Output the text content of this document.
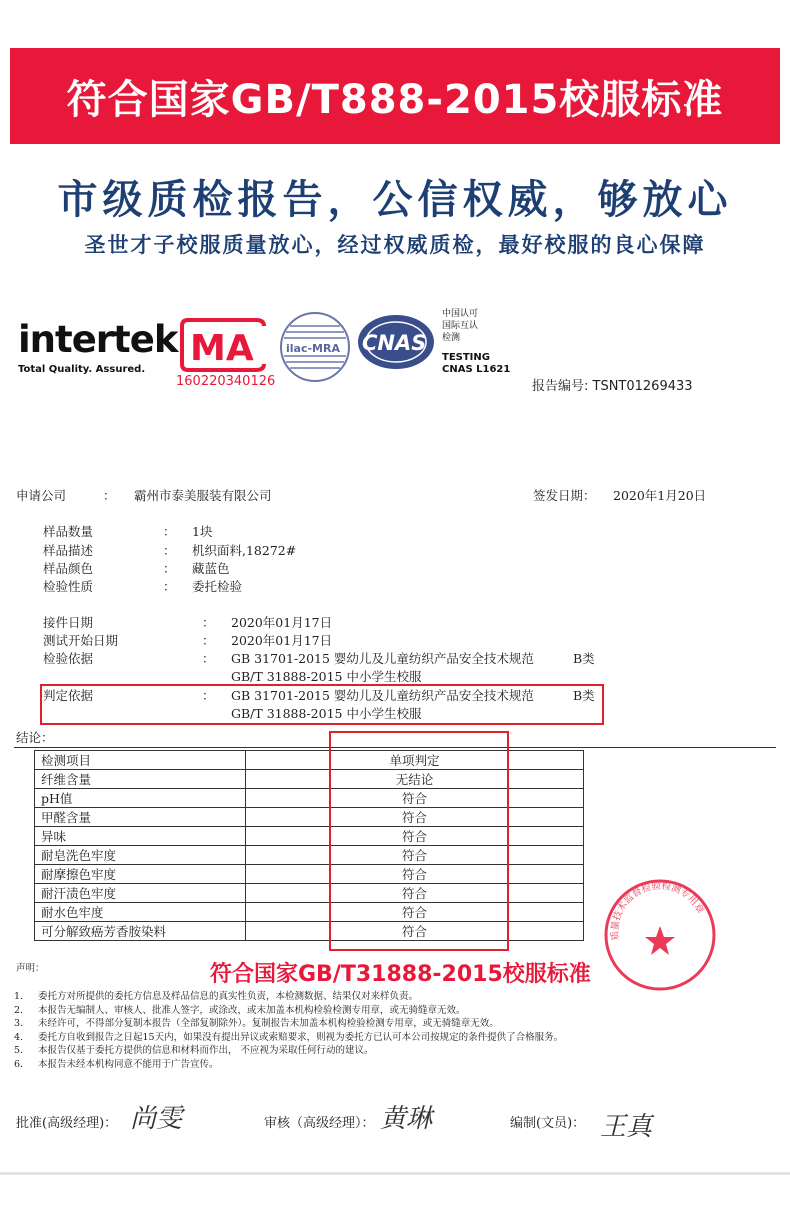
符合国家GB/T888-2015校服标准
市级质检报告，公信权威，够放心
圣世才子校服质量放心，经过权威质检，最好校服的良心保障
intertek
Total Quality. Assured.
MA
160220340126
ilac-MRA CNAS
中国认可
国际互认
检测
TESTING
CNAS L1621
报告编号: TSNT01269433
申请公司	： 霸州市泰美服装有限公司	签发日期： 2020年1月20日
样品数量	： 1块
样品描述	： 机织面料,18272#
样品颜色	： 藏蓝色
检验性质	： 委托检验
接件日期	： 2020年01月17日
测试开始日期	： 2020年01月17日
检验依据	： GB 31701-2015 婴幼儿及儿童纺织产品安全技术规范	B类
GB/T 31888-2015 中小学生校服
判定依据	： GB 31701-2015 婴幼儿及儿童纺织产品安全技术规范	B类
GB/T 31888-2015 中小学生校服
结论：
检测项目	单项判定
纤维含量	无结论
pH值	符合
甲醛含量	符合
异味	符合
耐皂洗色牢度	符合
耐摩擦色牢度	符合
耐汗渍色牢度	符合
耐水色牢度	符合
可分解致癌芳香胺染料	符合	质量技术监督检验检测专用章
声明：	符合国家GB/T31888-2015校服标准
1.	委托方对所提供的委托方信息及样品信息的真实性负责，本检测数据、结果仅对来样负责。
2.	本报告无编制人、审核人、批准人签字，或涂改，或未加盖本机构检验检测专用章，或无骑缝章无效。
3.	未经许可，不得部分复制本报告（全部复制除外）。复制报告未加盖本机构检验检测专用章，或无骑缝章无效。
4.	委托方自收到报告之日起15天内，如果没有提出异议或索赔要求，则视为委托方已认可本公司按规定的条件提供了合格服务。
5.	本报告仅基于委托方提供的信息和材料而作出， 不应视为采取任何行动的建议。
6.	本报告未经本机构同意不能用于广告宣传。
批准(高级经理)： 尚雯	审核（高级经理）： 黄琳	编制(文员)： 王真
